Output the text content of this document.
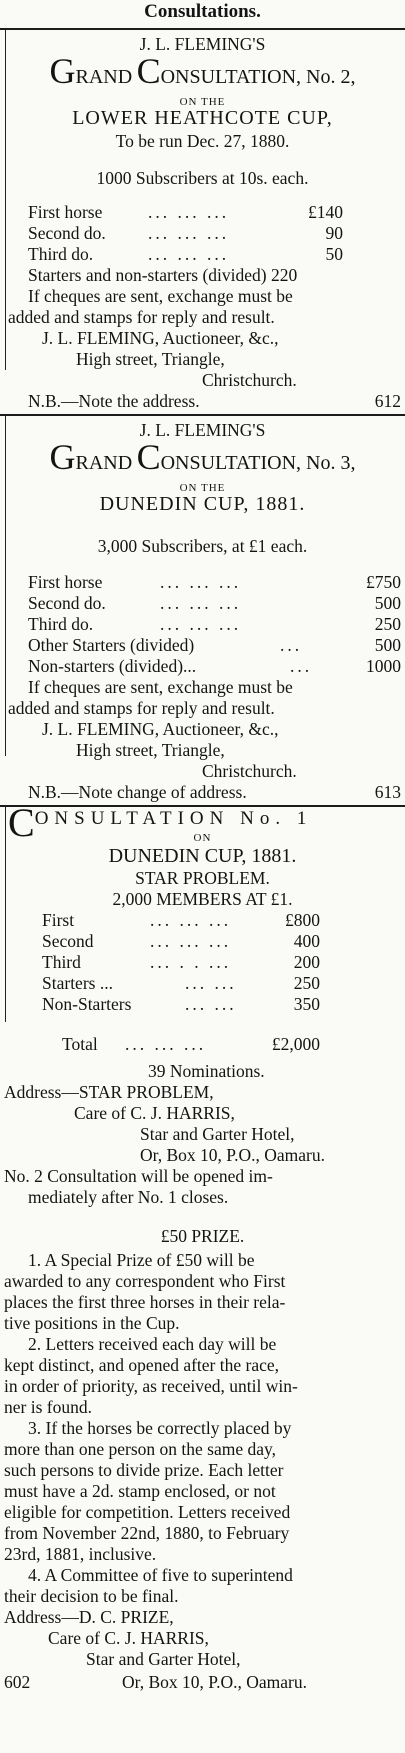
Consultations.
J. L. FLEMING'S
GRAND CONSULTATION, No. 2,
ON THE
LOWER HEATHCOTE CUP,
To be run Dec. 27, 1880.
1000 Subscribers at 10s. each.
First horse	... ... ...	£140
Second do. ... ... ...	90
Third do.	... ... ...	50
Starters and non-starters (divided) 220
If cheques are sent, exchange must be
added and stamps for reply and result.
J. L. FLEMING, Auctioneer, &c.,
High street, Triangle,
Christchurch.
N.B.—Note the address.	612
J. L. FLEMING'S
GRAND CONSULTATION, No. 3,
ON THE
DUNEDIN CUP, 1881.
3,000 Subscribers, at £1 each.
First horse	... ... ...	£750
Second do.	... ... ...	500
Third do.	... ... ...	250
Other Starters (divided)	...	500
Non-starters (divided)...	...	1000
If cheques are sent, exchange must be
added and stamps for reply and result.
J. L. FLEMING, Auctioneer, &c.,
High street, Triangle,
Christchurch.
N.B.—Note change of address.	613
CONSULTATION No. 1
ON
DUNEDIN CUP, 1881.
STAR PROBLEM.
2,000 MEMBERS AT £1.
First	... ... ...	£800
Second	... ... ...	400
Third	... . . ...	200
Starters ...	... ...	250
Non-Starters	... ...	350
Total ... ... ...	£2,000
39 Nominations.
Address—STAR PROBLEM,
Care of C. J. HARRIS,
Star and Garter Hotel,
Or, Box 10, P.O., Oamaru.
No. 2 Consultation will be opened im-
mediately after No. 1 closes.
£50 PRIZE.
1. A Special Prize of £50 will be
awarded to any correspondent who First
places the first three horses in their rela-
tive positions in the Cup.
2. Letters received each day will be
kept distinct, and opened after the race,
in order of priority, as received, until win-
ner is found.
3. If the horses be correctly placed by
more than one person on the same day,
such persons to divide prize. Each letter
must have a 2d. stamp enclosed, or not
eligible for competition. Letters received
from November 22nd, 1880, to February
23rd, 1881, inclusive.
4. A Committee of five to superintend
their decision to be final.
Address—D. C. PRIZE,
Care of C. J. HARRIS,
Star and Garter Hotel,
602	Or, Box 10, P.O., Oamaru.
